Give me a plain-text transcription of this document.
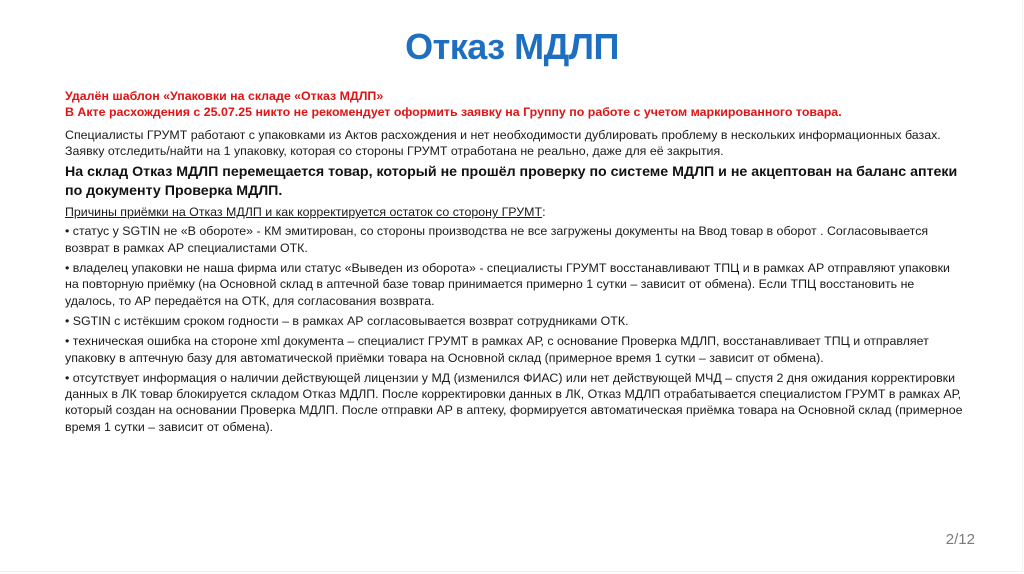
Отказ МДЛП
Удалён шаблон «Упаковки на складе «Отказ МДЛП»
В Акте расхождения с 25.07.25 никто не рекомендует оформить заявку на Группу по работе с учетом маркированного товара.
Специалисты ГРУМТ работают с упаковками из Актов расхождения и нет необходимости дублировать проблему в нескольких информационных базах. Заявку отследить/найти на 1 упаковку, которая со стороны ГРУМТ отработана не реально, даже для её закрытия.
На склад Отказ МДЛП перемещается товар, который не прошёл проверку по системе МДЛП и не акцептован на баланс аптеки по документу Проверка МДЛП.
Причины приёмки на Отказ МДЛП и как корректируется остаток со сторону ГРУМТ:
• статус у SGTIN не «В обороте» - КМ эмитирован, со стороны производства не все загружены документы на Ввод товар в оборот . Согласовывается возврат в рамках АР специалистами ОТК.
• владелец упаковки не наша фирма или статус «Выведен из оборота» - специалисты ГРУМТ восстанавливают ТПЦ и в рамках АР отправляют упаковки на повторную приёмку (на Основной склад в аптечной базе товар принимается примерно 1 сутки – зависит от обмена). Если ТПЦ восстановить не удалось, то АР передаётся на ОТК, для согласования возврата.
• SGTIN с истёкшим сроком годности – в рамках АР согласовывается возврат сотрудниками ОТК.
• техническая ошибка на стороне xml документа – специалист ГРУМТ в рамках АР, с основание Проверка МДЛП, восстанавливает ТПЦ и отправляет упаковку в аптечную базу для автоматической приёмки товара на Основной склад (примерное время 1 сутки – зависит от обмена).
• отсутствует информация о наличии действующей лицензии у МД (изменился ФИАС) или нет действующей МЧД – спустя 2 дня ожидания корректировки данных в ЛК товар блокируется складом Отказ МДЛП. После корректировки данных в ЛК, Отказ МДЛП отрабатывается специалистом ГРУМТ в рамках АР, который создан на основании Проверка МДЛП. После отправки АР в аптеку, формируется автоматическая приёмка товара на Основной склад (примерное время 1 сутки – зависит от обмена).
2/12
